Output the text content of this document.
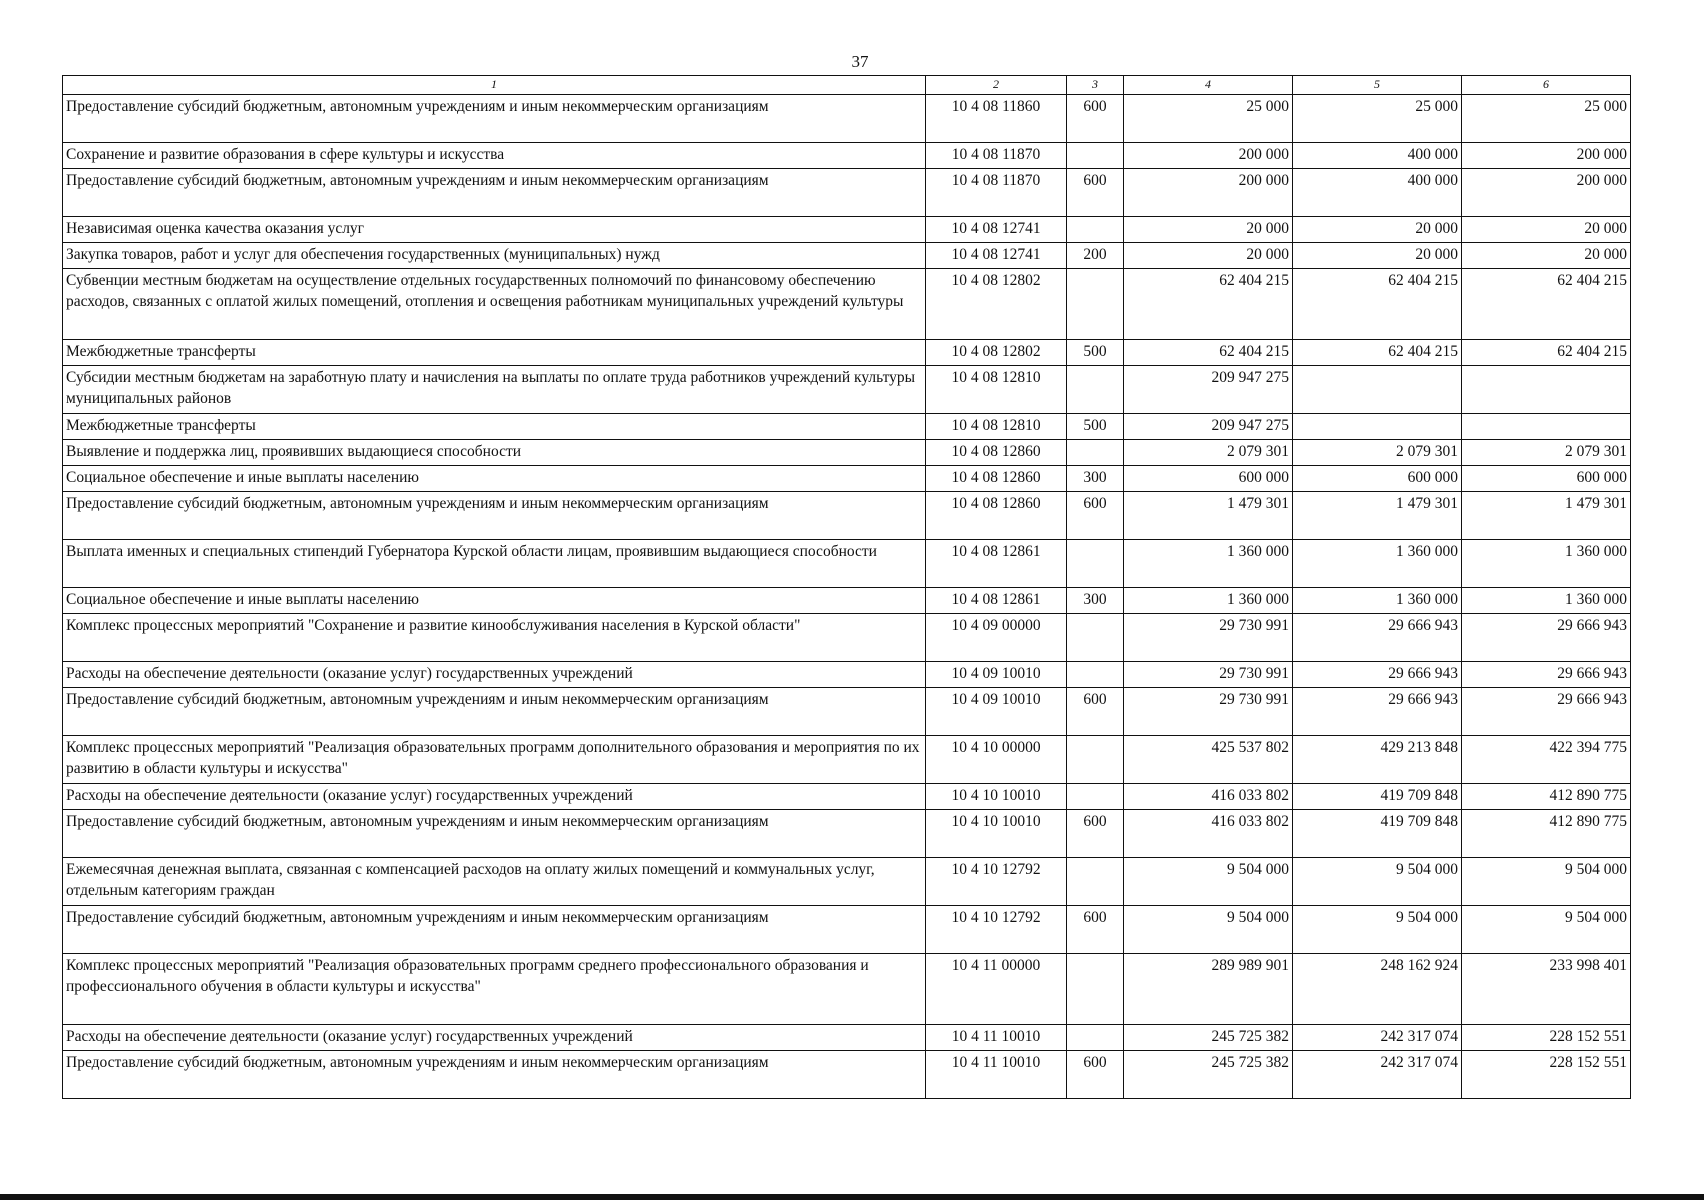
37
1	2	3	4	5	6
Предоставление субсидий бюджетным, автономным учреждениям и иным некоммерческим организациям	10 4 08 11860	600	25 000	25 000	25 000
Сохранение и развитие образования в сфере культуры и искусства	10 4 08 11870		200 000	400 000	200 000
Предоставление субсидий бюджетным, автономным учреждениям и иным некоммерческим организациям	10 4 08 11870	600	200 000	400 000	200 000
Независимая оценка качества оказания услуг	10 4 08 12741		20 000	20 000	20 000
Закупка товаров, работ и услуг для обеспечения государственных (муниципальных) нужд	10 4 08 12741	200	20 000	20 000	20 000
Субвенции местным бюджетам на осуществление отдельных государственных полномочий по финансовому обеспечению расходов, связанных с оплатой жилых помещений, отопления и освещения работникам муниципальных учреждений культуры	10 4 08 12802		62 404 215	62 404 215	62 404 215
Межбюджетные трансферты	10 4 08 12802	500	62 404 215	62 404 215	62 404 215
Субсидии местным бюджетам на заработную плату и начисления на выплаты по оплате труда работников учреждений культуры муниципальных районов	10 4 08 12810		209 947 275		
Межбюджетные трансферты	10 4 08 12810	500	209 947 275		
Выявление и поддержка лиц, проявивших выдающиеся способности	10 4 08 12860		2 079 301	2 079 301	2 079 301
Социальное обеспечение и иные выплаты населению	10 4 08 12860	300	600 000	600 000	600 000
Предоставление субсидий бюджетным, автономным учреждениям и иным некоммерческим организациям	10 4 08 12860	600	1 479 301	1 479 301	1 479 301
Выплата именных и специальных стипендий Губернатора Курской области лицам, проявившим выдающиеся способности	10 4 08 12861		1 360 000	1 360 000	1 360 000
Социальное обеспечение и иные выплаты населению	10 4 08 12861	300	1 360 000	1 360 000	1 360 000
Комплекс процессных мероприятий "Сохранение и развитие кинообслуживания населения в Курской области"	10 4 09 00000		29 730 991	29 666 943	29 666 943
Расходы на обеспечение деятельности (оказание услуг) государственных учреждений	10 4 09 10010		29 730 991	29 666 943	29 666 943
Предоставление субсидий бюджетным, автономным учреждениям и иным некоммерческим организациям	10 4 09 10010	600	29 730 991	29 666 943	29 666 943
Комплекс процессных мероприятий "Реализация образовательных программ дополнительного образования и мероприятия по их развитию в области культуры и искусства"	10 4 10 00000		425 537 802	429 213 848	422 394 775
Расходы на обеспечение деятельности (оказание услуг) государственных учреждений	10 4 10 10010		416 033 802	419 709 848	412 890 775
Предоставление субсидий бюджетным, автономным учреждениям и иным некоммерческим организациям	10 4 10 10010	600	416 033 802	419 709 848	412 890 775
Ежемесячная денежная выплата, связанная с компенсацией расходов на оплату жилых помещений и коммунальных услуг, отдельным категориям граждан	10 4 10 12792		9 504 000	9 504 000	9 504 000
Предоставление субсидий бюджетным, автономным учреждениям и иным некоммерческим организациям	10 4 10 12792	600	9 504 000	9 504 000	9 504 000
Комплекс процессных мероприятий "Реализация образовательных программ среднего профессионального образования и профессионального обучения в области культуры и искусства"	10 4 11 00000		289 989 901	248 162 924	233 998 401
Расходы на обеспечение деятельности (оказание услуг) государственных учреждений	10 4 11 10010		245 725 382	242 317 074	228 152 551
Предоставление субсидий бюджетным, автономным учреждениям и иным некоммерческим организациям	10 4 11 10010	600	245 725 382	242 317 074	228 152 551
